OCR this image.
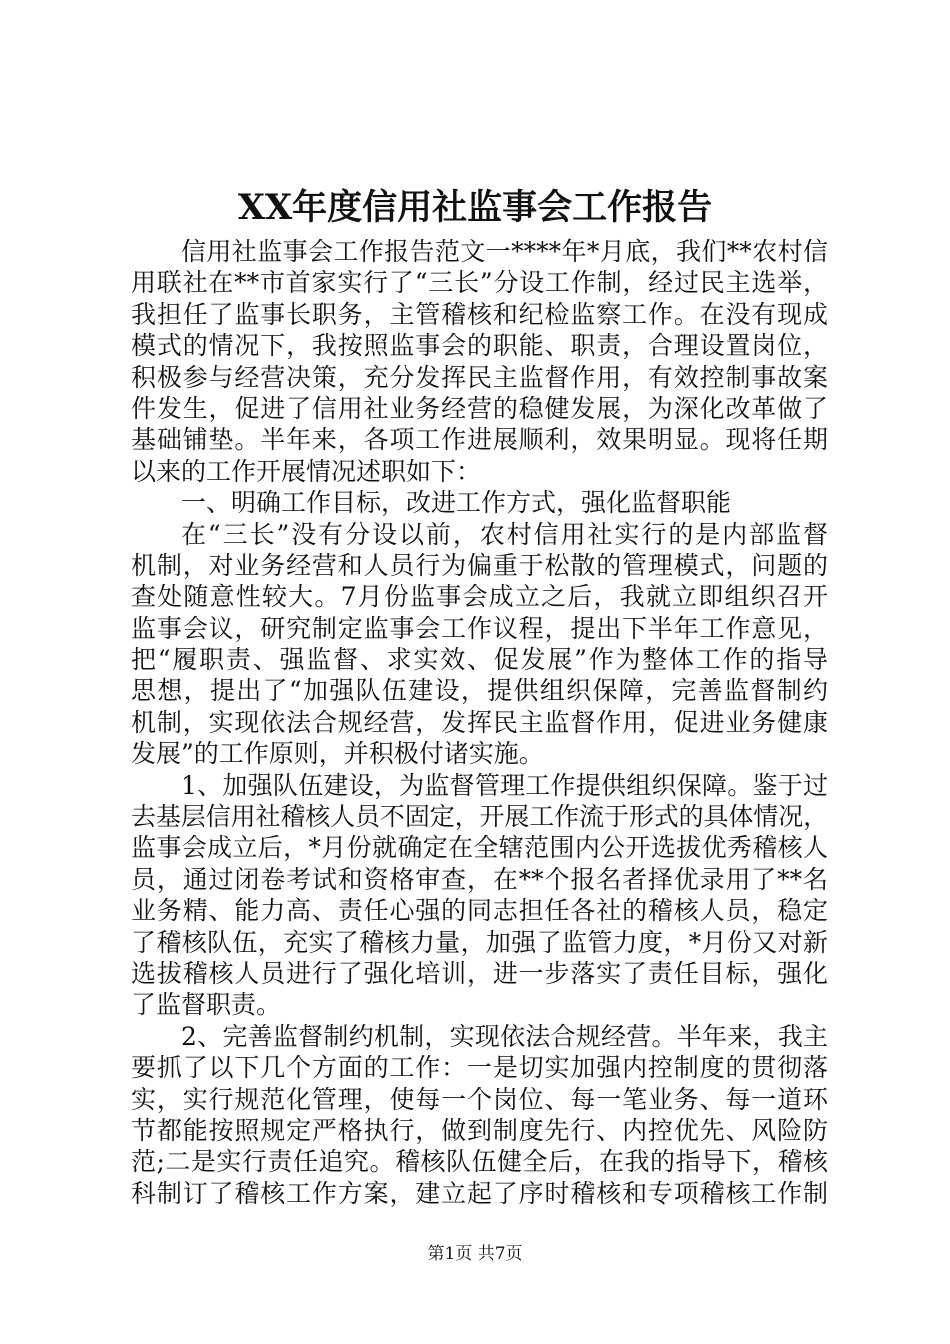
XX年度信用社监事会工作报告
信用社监事会工作报告范文一****年*月底，我们**农村信
用联社在**市首家实行了“三长”分设工作制，经过民主选举，
我担任了监事长职务，主管稽核和纪检监察工作。在没有现成
模式的情况下，我按照监事会的职能、职责，合理设置岗位，
积极参与经营决策，充分发挥民主监督作用，有效控制事故案
件发生，促进了信用社业务经营的稳健发展，为深化改革做了
基础铺垫。半年来，各项工作进展顺利，效果明显。现将任期
以来的工作开展情况述职如下：
一、明确工作目标，改进工作方式，强化监督职能
在“三长”没有分设以前，农村信用社实行的是内部监督
机制，对业务经营和人员行为偏重于松散的管理模式，问题的
查处随意性较大。7月份监事会成立之后，我就立即组织召开
监事会议，研究制定监事会工作议程，提出下半年工作意见，
把“履职责、强监督、求实效、促发展”作为整体工作的指导
思想，提出了“加强队伍建设，提供组织保障，完善监督制约
机制，实现依法合规经营，发挥民主监督作用，促进业务健康
发展”的工作原则，并积极付诸实施。
1、加强队伍建设，为监督管理工作提供组织保障。鉴于过
去基层信用社稽核人员不固定，开展工作流于形式的具体情况，
监事会成立后，*月份就确定在全辖范围内公开选拔优秀稽核人
员，通过闭卷考试和资格审查，在**个报名者择优录用了**名
业务精、能力高、责任心强的同志担任各社的稽核人员，稳定
了稽核队伍，充实了稽核力量，加强了监管力度，*月份又对新
选拔稽核人员进行了强化培训，进一步落实了责任目标，强化
了监督职责。
2、完善监督制约机制，实现依法合规经营。半年来，我主
要抓了以下几个方面的工作：一是切实加强内控制度的贯彻落
实，实行规范化管理，使每一个岗位、每一笔业务、每一道环
节都能按照规定严格执行，做到制度先行、内控优先、风险防
范;二是实行责任追究。稽核队伍健全后，在我的指导下，稽核
科制订了稽核工作方案，建立起了序时稽核和专项稽核工作制
第1页 共7页
